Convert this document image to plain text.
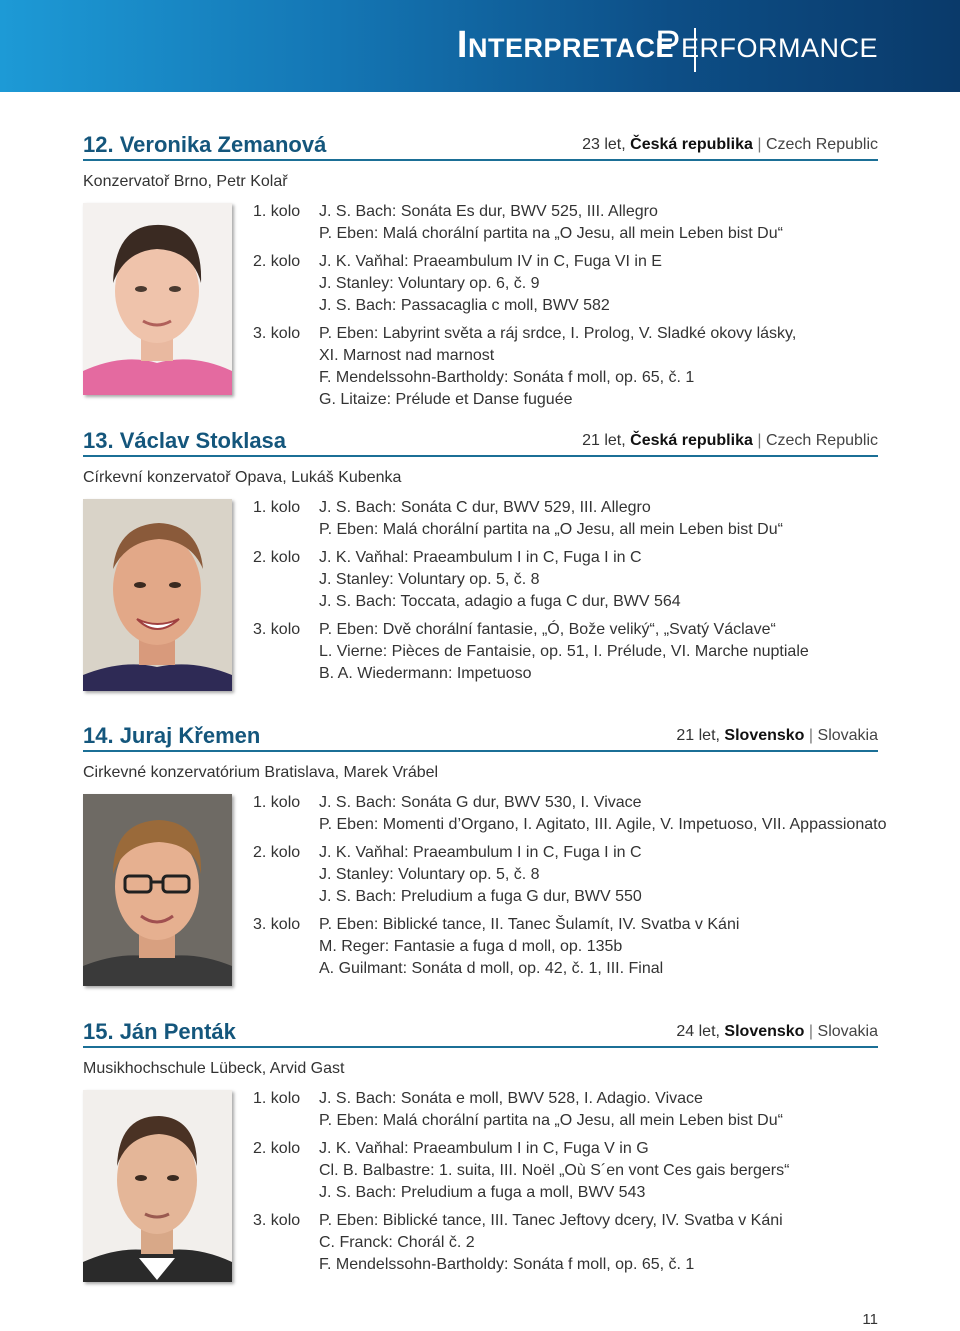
Interpretace
Performance
12. Veronika Zemanová	23 let, Česká republika | Czech Republic
Konzervatoř Brno, Petr Kolař
1. kolo	J. S. Bach: Sonáta Es dur, BWV 525, III. Allegro
P. Eben: Malá chorální partita na „O Jesu, all mein Leben bist Du“
2. kolo	J. K. Vaňhal: Praeambulum IV in C, Fuga VI in E
J. Stanley: Voluntary op. 6, č. 9
J. S. Bach: Passacaglia c moll, BWV 582
3. kolo	P. Eben: Labyrint světa a ráj srdce, I. Prolog, V. Sladké okovy lásky,
XI. Marnost nad marnost
F. Mendelssohn-Bartholdy: Sonáta f moll, op. 65, č. 1
G. Litaize: Prélude et Danse fuguée
13. Václav Stoklasa	21 let, Česká republika | Czech Republic
Církevní konzervatoř Opava, Lukáš Kubenka
1. kolo	J. S. Bach: Sonáta C dur, BWV 529, III. Allegro
P. Eben: Malá chorální partita na „O Jesu, all mein Leben bist Du“
2. kolo	J. K. Vaňhal: Praeambulum I in C, Fuga I in C
J. Stanley: Voluntary op. 5, č. 8
J. S. Bach: Toccata, adagio a fuga C dur, BWV 564
3. kolo	P. Eben: Dvě chorální fantasie, „Ó, Bože veliký“, „Svatý Václave“
L. Vierne: Pièces de Fantaisie, op. 51, I. Prélude, VI. Marche nuptiale
B. A. Wiedermann: Impetuoso
14. Juraj Křemen	21 let, Slovensko | Slovakia
Cirkevné konzervatórium Bratislava, Marek Vrábel
1. kolo	J. S. Bach: Sonáta G dur, BWV 530, I. Vivace
P. Eben: Momenti d’Organo, I. Agitato, III. Agile, V. Impetuoso, VII. Appassionato
2. kolo	J. K. Vaňhal: Praeambulum I in C, Fuga I in C
J. Stanley: Voluntary op. 5, č. 8
J. S. Bach: Preludium a fuga G dur, BWV 550
3. kolo	P. Eben: Biblické tance, II. Tanec Šulamít, IV. Svatba v Káni
M. Reger: Fantasie a fuga d moll, op. 135b
A. Guilmant: Sonáta d moll, op. 42, č. 1, III. Final
15. Ján Penták	24 let, Slovensko | Slovakia
Musikhochschule Lübeck, Arvid Gast
1. kolo	J. S. Bach: Sonáta e moll, BWV 528, I. Adagio. Vivace
P. Eben: Malá chorální partita na „O Jesu, all mein Leben bist Du“
2. kolo	J. K. Vaňhal: Praeambulum I in C, Fuga V in G
Cl. B. Balbastre: 1. suita, III. Noël „Où S´en vont Ces gais bergers“
J. S. Bach: Preludium a fuga a moll, BWV 543
3. kolo	P. Eben: Biblické tance, III. Tanec Jeftovy dcery, IV. Svatba v Káni
C. Franck: Chorál č. 2
F. Mendelssohn-Bartholdy: Sonáta f moll, op. 65, č. 1
11
